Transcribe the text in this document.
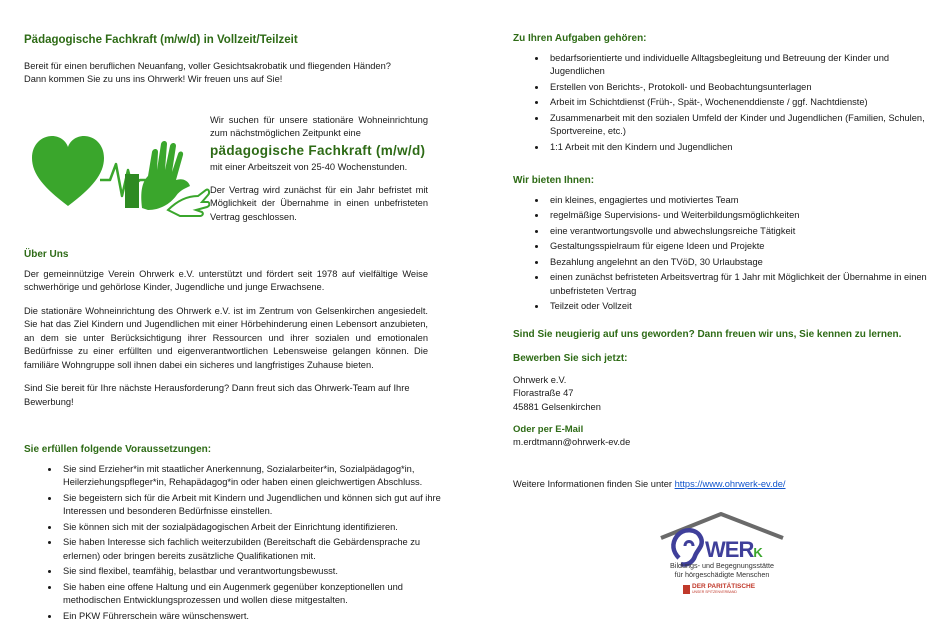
Pädagogische Fachkraft (m/w/d) in Vollzeit/Teilzeit

Bereit für einen beruflichen Neuanfang, voller Gesichtsakrobatik und fliegenden Händen?

Dann kommen Sie zu uns ins Ohrwerk! Wir freuen uns auf Sie!

Wir suchen für unsere stationäre Wohneinrichtung zum nächstmöglichen Zeitpunkt eine

pädagogische Fachkraft (m/w/d)

mit einer Arbeitszeit von 25-40 Wochenstunden.

Der Vertrag wird zunächst für ein Jahr befristet mit Möglichkeit der Übernahme in einen unbefristeten Vertrag geschlossen.

Über Uns

Der gemeinnützige Verein Ohrwerk e.V. unterstützt und fördert seit 1978 auf vielfältige Weise schwerhörige und gehörlose Kinder, Jugendliche und junge Erwachsene.

Die stationäre Wohneinrichtung des Ohrwerk e.V. ist im Zentrum von Gelsenkirchen angesiedelt. Sie hat das Ziel Kindern und Jugendlichen mit einer Hörbehinderung einen Lebensort anzubieten, an dem sie unter Berücksichtigung ihrer Ressourcen und ihrer sozialen und emotionalen Bedürfnisse zu einer erfüllten und eigenverantwortlichen Lebensweise gelangen können. Die familiäre Wohngruppe soll ihnen dabei ein sicheres und langfristiges Zuhause bieten.

Sind Sie bereit für Ihre nächste Herausforderung? Dann freut sich das Ohrwerk-Team auf Ihre Bewerbung!

Sie erfüllen folgende Voraussetzungen:
• Sie sind Erzieher*in mit staatlicher Anerkennung, Sozialarbeiter*in, Sozialpädagog*in, Heilerziehungspfleger*in, Rehapädagog*in oder haben einen gleichwertigen Abschluss.
• Sie begeistern sich für die Arbeit mit Kindern und Jugendlichen und können sich gut auf ihre Interessen und besonderen Bedürfnisse einstellen.
• Sie können sich mit der sozialpädagogischen Arbeit der Einrichtung identifizieren.
• Sie haben Interesse sich fachlich weiterzubilden (Bereitschaft die Gebärdensprache zu erlernen) oder bringen bereits zusätzliche Qualifikationen mit.
• Sie sind flexibel, teamfähig, belastbar und verantwortungsbewusst.
• Sie haben eine offene Haltung und ein Augenmerk gegenüber konzeptionellen und methodischen Entwicklungsprozessen und wollen diese mitgestalten.
• Ein PKW Führerschein wäre wünschenswert.
Zu Ihren Aufgaben gehören:
• bedarfsorientierte und individuelle Alltagsbegleitung und Betreuung der Kinder und Jugendlichen
• Erstellen von Berichts-, Protokoll- und Beobachtungsunterlagen
• Arbeit im Schichtdienst (Früh-, Spät-, Wochenenddienste / ggf. Nachtdienste)
• Zusammenarbeit mit den sozialen Umfeld der Kinder und Jugendlichen (Familien, Schulen, Sportvereine, etc.)
• 1:1 Arbeit mit den Kindern und Jugendlichen
Wir bieten Ihnen:
• ein kleines, engagiertes und motiviertes Team
• regelmäßige Supervisions- und Weiterbildungsmöglichkeiten
• eine verantwortungsvolle und abwechslungsreiche Tätigkeit
• Gestaltungsspielraum für eigene Ideen und Projekte
• Bezahlung angelehnt an den TVöD, 30 Urlaubstage
• einen zunächst befristeten Arbeitsvertrag für 1 Jahr mit Möglichkeit der Übernahme in einen unbefristeten Vertrag
• Teilzeit oder Vollzeit
Sind Sie neugierig auf uns geworden? Dann freuen wir uns, Sie kennen zu lernen.
Bewerben Sie sich jetzt:

Ohrwerk e.V.

Florastraße 47

45881 Gelsenkirchen

Oder per E-Mail

m.erdtmann@ohrwerk-ev.de

Weitere Informationen finden Sie unter https://www.ohrwerk-ev.de/

WERK
Bildungs- und Begegnungsstätte
für hörgeschädigte Menschen
DER PARITÄTISCHE
UNSER SPITZENVERBAND
